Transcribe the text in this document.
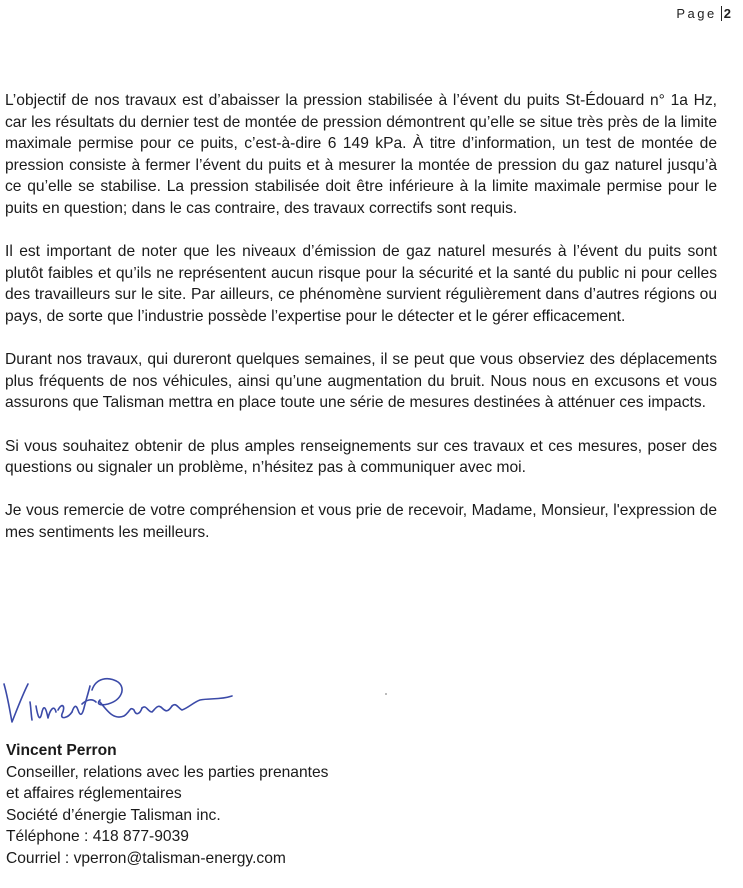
Page 2

L’objectif de nos travaux est d’abaisser la pression stabilisée à l’évent du puits St-Édouard n° 1a Hz, car les résultats du dernier test de montée de pression démontrent qu’elle se situe très près de la limite maximale permise pour ce puits, c’est-à-dire 6 149 kPa. À titre d’information, un test de montée de pression consiste à fermer l’évent du puits et à mesurer la montée de pression du gaz naturel jusqu’à ce qu’elle se stabilise. La pression stabilisée doit être inférieure à la limite maximale permise pour le puits en question; dans le cas contraire, des travaux correctifs sont requis.

Il est important de noter que les niveaux d’émission de gaz naturel mesurés à l’évent du puits sont plutôt faibles et qu’ils ne représentent aucun risque pour la sécurité et la santé du public ni pour celles des travailleurs sur le site. Par ailleurs, ce phénomène survient régulièrement dans d’autres régions ou pays, de sorte que l’industrie possède l’expertise pour le détecter et le gérer efficacement.

Durant nos travaux, qui dureront quelques semaines, il se peut que vous observiez des déplacements plus fréquents de nos véhicules, ainsi qu’une augmentation du bruit. Nous nous en excusons et vous assurons que Talisman mettra en place toute une série de mesures destinées à atténuer ces impacts.

Si vous souhaitez obtenir de plus amples renseignements sur ces travaux et ces mesures, poser des questions ou signaler un problème, n’hésitez pas à communiquer avec moi.

Je vous remercie de votre compréhension et vous prie de recevoir, Madame, Monsieur, l'expression de mes sentiments les meilleurs.

Vincent Perron
Conseiller, relations avec les parties prenantes
et affaires réglementaires
Société d’énergie Talisman inc.
Téléphone : 418 877-9039
Courriel : vperron@talisman-energy.com
